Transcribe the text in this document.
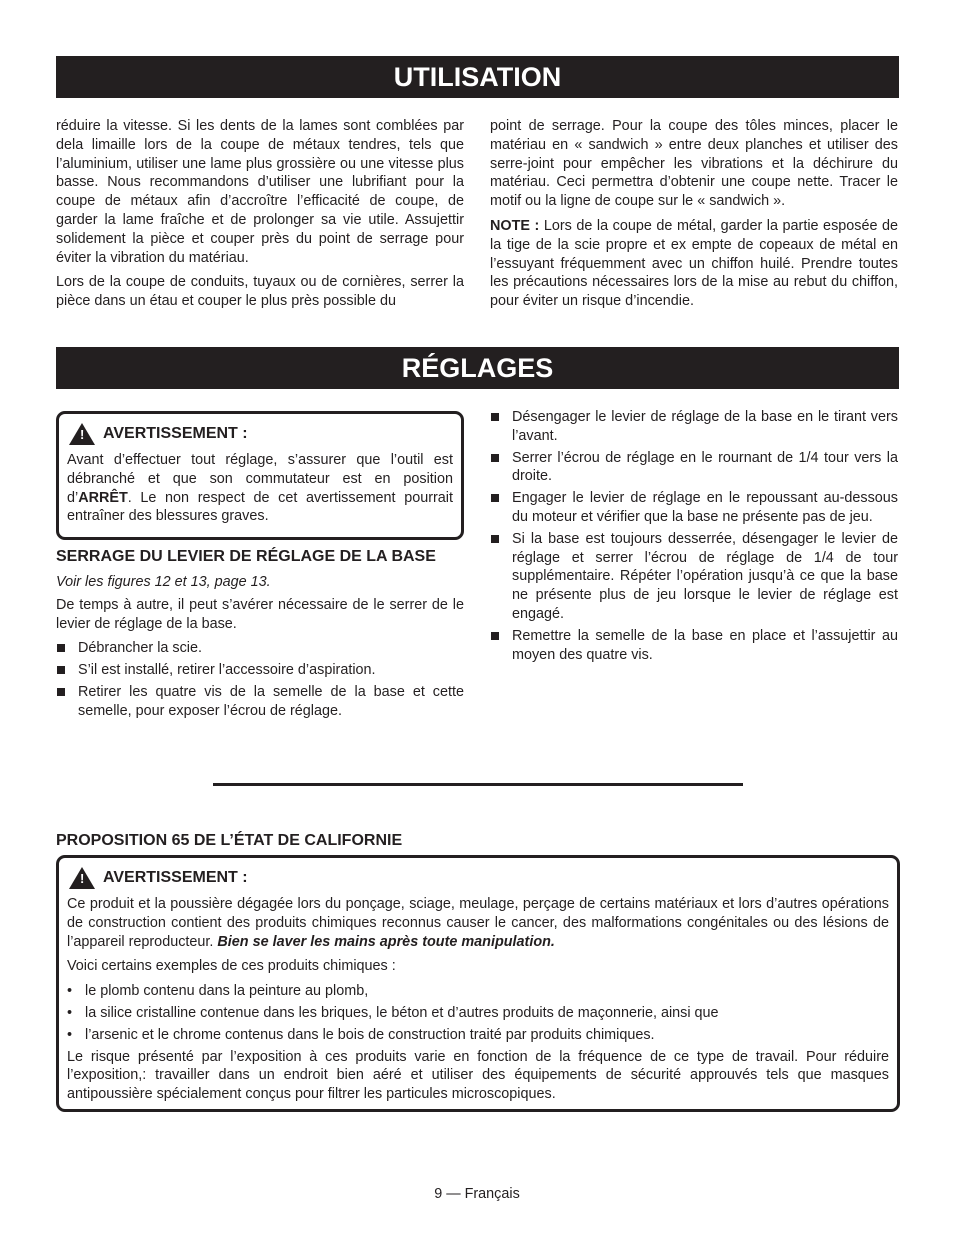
UTILISATION

réduire la vitesse. Si les dents de la lames sont comblées par dela limaille lors de la coupe de métaux tendres, tels que l’aluminium, utiliser une lame plus grossière ou une vitesse plus basse. Nous recommandons d’utiliser une lubrifiant pour la coupe de métaux afin d’accroître l’efficacité de coupe, de garder la lame fraîche et de prolonger sa vie utile. Assujettir solidement la pièce et couper près du point de serrage pour éviter la vibration du matériau.

Lors de la coupe de conduits, tuyaux ou de cornières, serrer la pièce dans un étau et couper le plus près possible du

point de serrage. Pour la coupe des tôles minces, placer le matériau en « sandwich » entre deux planches et utiliser des serre-joint pour empêcher les vibrations et la déchirure du matériau. Ceci permettra d’obtenir une coupe nette. Tracer le motif ou la ligne de coupe sur le « sandwich ».

NOTE : Lors de la coupe de métal, garder la partie esposée de la tige de la scie propre et ex empte de copeaux de métal en l’essuyant fréquemment avec un chiffon huilé. Prendre toutes les précautions nécessaires lors de la mise au rebut du chiffon, pour éviter un risque d’incendie.

RÉGLAGES
! AVERTISSEMENT :

Avant d’effectuer tout réglage, s’assurer que l’outil est débranché et que son commutateur est en position d’ARRÊT. Le non respect de cet avertissement pourrait entraîner des blessures graves.

SERRAGE DU LEVIER DE RÉGLAGE DE LA BASE

Voir les figures 12 et 13, page 13.

De temps à autre, il peut s’avérer nécessaire de le serrer de le levier de réglage de la base.

Débrancher la scie.
S’il est installé, retirer l’accessoire d’aspiration.
Retirer les quatre vis de la semelle de la base et cette semelle, pour exposer l’écrou de réglage.
Désengager le levier de réglage de la base en le tirant vers l’avant.
Serrer l’écrou de réglage en le rournant de 1/4 tour vers la droite.
Engager le levier de réglage en le repoussant au-dessous du moteur et vérifier que la base ne présente pas de jeu.
Si la base est toujours desserrée, désengager le levier de réglage et serrer l’écrou de réglage de 1/4 de tour supplémentaire. Répéter l’opération jusqu’à ce que la base ne présente plus de jeu lorsque le levier de réglage est engagé.
Remettre la semelle de la base en place et l’assujettir au moyen des quatre vis.
PROPOSITION 65 DE L’ÉTAT DE CALIFORNIE
! AVERTISSEMENT :

Ce produit et la poussière dégagée lors du ponçage, sciage, meulage, perçage de certains matériaux et lors d’autres opérations de construction contient des produits chimiques reconnus causer le cancer, des malformations congénitales ou des lésions de l’appareil reproducteur. Bien se laver les mains après toute manipulation.

Voici certains exemples de ces produits chimiques :

• le plomb contenu dans la peinture au plomb,
• la silice cristalline contenue dans les briques, le béton et d’autres produits de maçonnerie, ainsi que
• l’arsenic et le chrome contenus dans le bois de construction traité par produits chimiques.

Le risque présenté par l’exposition à ces produits varie en fonction de la fréquence de ce type de travail. Pour réduire l’exposition,: travailler dans un endroit bien aéré et utiliser des équipements de sécurité approuvés tels que masques antipoussière spécialement conçus pour filtrer les particules microscopiques.

9 — Français
